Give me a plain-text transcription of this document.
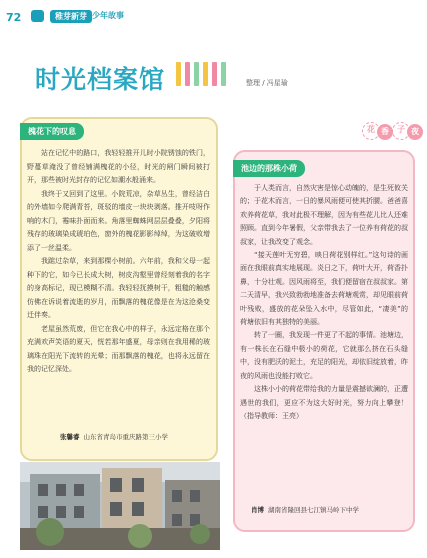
72	稚芽新芽 少年故事
时光档案馆	整理 / 冯星瑜
槐花下的叹息

站在记忆中的路口，我轻轻推开儿时小院锈蚀的铁门，野蔓草淹没了曾经铺满槐花的小径，时光的闸门瞬间被打开，那些被时光封存的记忆如潮水般涌来。

我终于又回到了这里。小院荒凉，杂草丛生，曾经洁白的外墙如今爬满青苔，斑驳的墙皮一块块剥落。推开吱呀作响的木门，霉味扑面而来。角落里蜘蛛网层层叠叠，夕阳将残存的玻璃染成琥珀色，窗外的槐花影影绰绰，为这破败增添了一丝温柔。

我踮过杂草，来到那棵小树前。六年前，我和父母一起种下的它，如今已长成大树，树皮沟壑里曾经刻着我的名字的身高标记，现已模糊不清。我轻轻抚摸树干，粗糙的触感仿佛在诉说着流逝的岁月，而飘落的槐花像是在为这沧桑变迁伴奏。

老屋虽然荒废，但它在我心中的样子，永远定格在那个充满欢声笑语的夏天，恍若那年盛夏，母亲则在我用稀的玻璃珠在阳光下流转的光晕；而那飘落的槐花，也将永远留在我的记忆深处。

张馨睿 山东省青岛市重庆路第三小学
花 香	子 夜
池边的那株小荷

于人类而言，自然灾害是惊心动魄的，是生死攸关的；于花木而言，一日的暴风雨便可使其折腰。爸爸喜欢养荷花草，我对此极不理解，因为有些花儿比人还难照顾。直到今年暑假，父亲带我去了一位养有荷花的叔叔家，让我改变了观念。

“接天莲叶无穷碧，映日荷花别样红。”这句诗的画面在我眼前真实地展现。炎日之下，荷叶大开，荷香扑鼻，十分壮观。因风雨将至，我们便留宿在叔叔家。第二天清早，我兴致勃勃地准备去荷塘观赏，却见眼前荷叶残败，盛放的花朵坠入水中，尽管如此，“凄美”的荷塘依旧有其独特的美丽。

转了一圈，我发现一件更了不起的事情。池塘边，有一株长在石缝中极小的荷花，它就那么挤在石头缝中，没有肥沃的泥土，充足的阳光，却依旧绽放着，昨夜的风雨也没能打败它。

这株小小的荷花带给我的力量是震撼欲澜的，正遭遇世的我们，更应不为这大好时光，努力向上攀登！（指导教师：王亮）

肖博 湖南省隆回县七江镇马岭下中学
